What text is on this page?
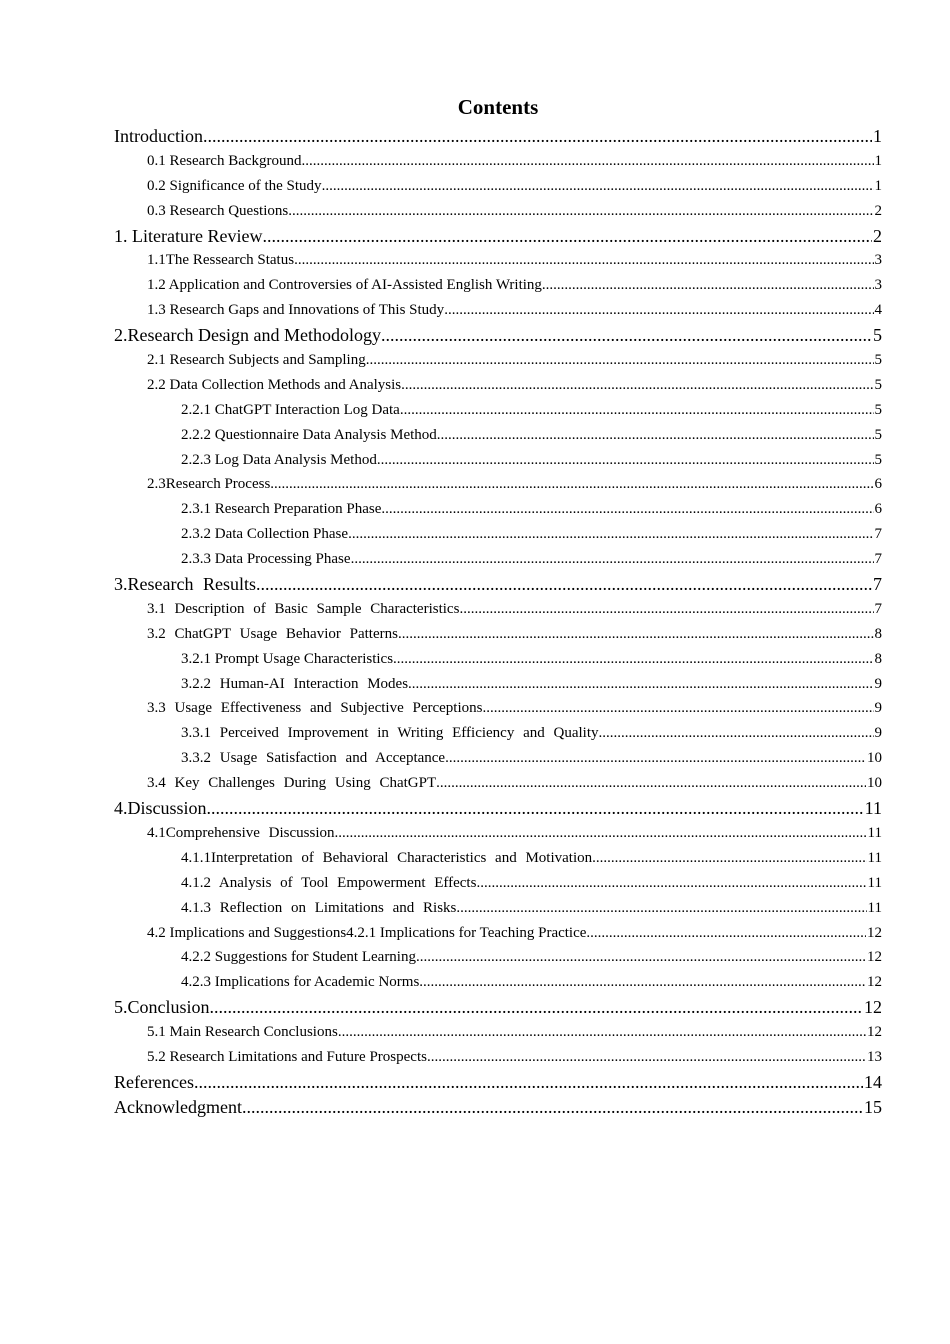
Contents
Introduction .....	1
0.1 Research Background .....	1
0.2 Significance of the Study .....	1
0.3 Research Questions .....	2
1. Literature Review .....	2
1.1The Ressearch Status .....	3
1.2 Application and Controversies of AI-Assisted English Writing .....	3
1.3 Research Gaps and Innovations of This Study .....	4
2.Research Design and Methodology .....	5
2.1 Research Subjects and Sampling .....	5
2.2 Data Collection Methods and Analysis .....	5
2.2.1 ChatGPT Interaction Log Data .....	5
2.2.2 Questionnaire Data Analysis Method .....	5
2.2.3 Log Data Analysis Method .....	5
2.3Research Process .....	6
2.3.1 Research Preparation Phase .....	6
2.3.2 Data Collection Phase .....	7
2.3.3 Data Processing Phase .....	7
3.Research Results .....	7
3.1 Description of Basic Sample Characteristics .....	7
3.2 ChatGPT Usage Behavior Patterns .....	8
3.2.1 Prompt Usage Characteristics .....	8
3.2.2 Human-AI Interaction Modes .....	9
3.3 Usage Effectiveness and Subjective Perceptions .....	9
3.3.1 Perceived Improvement in Writing Efficiency and Quality .....	9
3.3.2 Usage Satisfaction and Acceptance .....	10
3.4 Key Challenges During Using ChatGPT .....	10
4.Discussion .....	11
4.1Comprehensive Discussion .....	11
4.1.1Interpretation of Behavioral Characteristics and Motivation .....	11
4.1.2 Analysis of Tool Empowerment Effects .....	11
4.1.3 Reflection on Limitations and Risks .....	11
4.2 Implications and Suggestions4.2.1 Implications for Teaching Practice .....	12
4.2.2 Suggestions for Student Learning .....	12
4.2.3 Implications for Academic Norms .....	12
5.Conclusion .....	12
5.1 Main Research Conclusions .....	12
5.2 Research Limitations and Future Prospects .....	13
References .....	14
Acknowledgment .....	15
